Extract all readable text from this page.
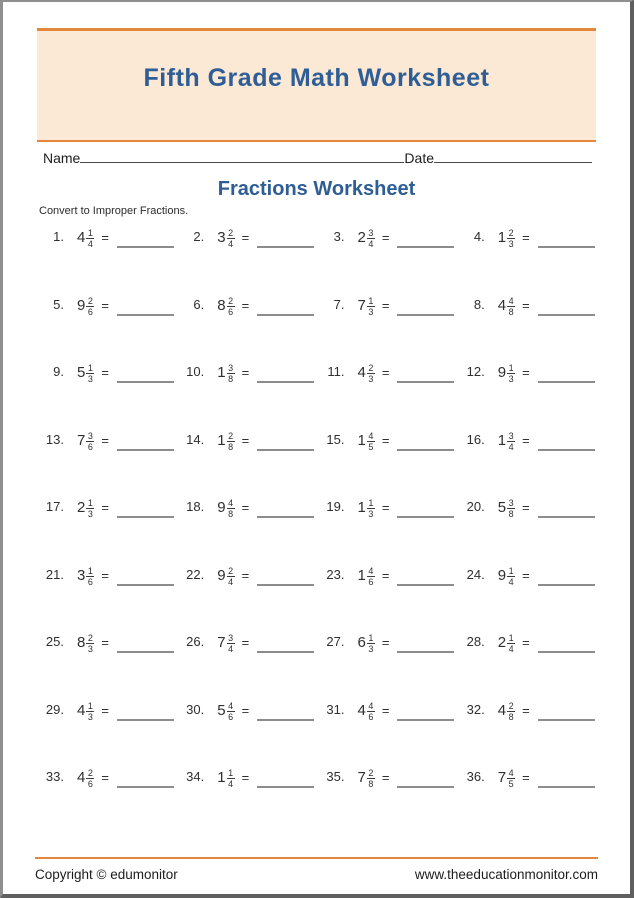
Fifth Grade Math Worksheet
Name	Date
Fractions Worksheet
Convert to Improper Fractions.
1. $4 \frac{1}{4}$ =	2. $3 \frac{2}{4}$ =	3. $2 \frac{3}{4}$ =	4. $1 \frac{2}{3}$ =
5. $9 \frac{2}{6}$ =	6. $8 \frac{2}{6}$ =	7. $7 \frac{1}{3}$ =	8. $4 \frac{4}{8}$ =
9. $5 \frac{1}{3}$ =	10. $1 \frac{3}{8}$ =	11. $4 \frac{2}{3}$ =	12. $9 \frac{1}{3}$ =
13. $7 \frac{3}{6}$ =	14. $1 \frac{2}{8}$ =	15. $1 \frac{4}{5}$ =	16. $1 \frac{3}{4}$ =
17. $2 \frac{1}{3}$ =	18. $9 \frac{4}{8}$ =	19. $1 \frac{1}{3}$ =	20. $5 \frac{3}{8}$ =
21. $3 \frac{1}{6}$ =	22. $9 \frac{2}{4}$ =	23. $1 \frac{4}{6}$ =	24. $9 \frac{1}{4}$ =
25. $8 \frac{2}{3}$ =	26. $7 \frac{3}{4}$ =	27. $6 \frac{1}{3}$ =	28. $2 \frac{1}{4}$ =
29. $4 \frac{1}{3}$ =	30. $5 \frac{4}{6}$ =	31. $4 \frac{4}{6}$ =	32. $4 \frac{2}{8}$ =
33. $4 \frac{2}{6}$ =	34. $1 \frac{1}{4}$ =	35. $7 \frac{2}{8}$ =	36. $7 \frac{4}{5}$ =
Copyright © edumonitor	www.theeducationmonitor.com
